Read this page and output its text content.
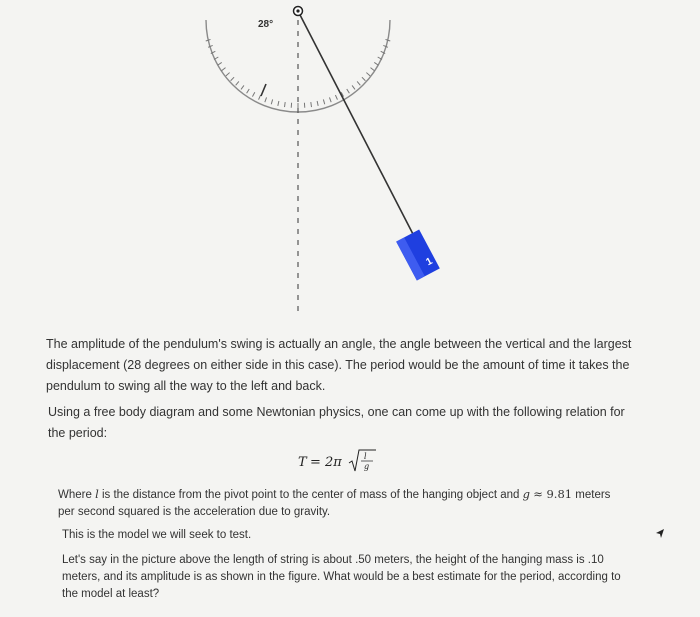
28°
1

The amplitude of the pendulum's swing is actually an angle, the angle between the vertical and the largest displacement (28 degrees on either side in this case). The period would be the amount of time it takes the pendulum to swing all the way to the left and back.

Using a free body diagram and some Newtonian physics, one can come up with the following relation for the period:

T = 2π	l
g

Where l is the distance from the pivot point to the center of mass of the hanging object and g ≈ 9.81 meters per second squared is the acceleration due to gravity.

This is the model we will seek to test.

Let's say in the picture above the length of string is about .50 meters, the height of the hanging mass is .10 meters, and its amplitude is as shown in the figure. What would be a best estimate for the period, according to the model at least?
